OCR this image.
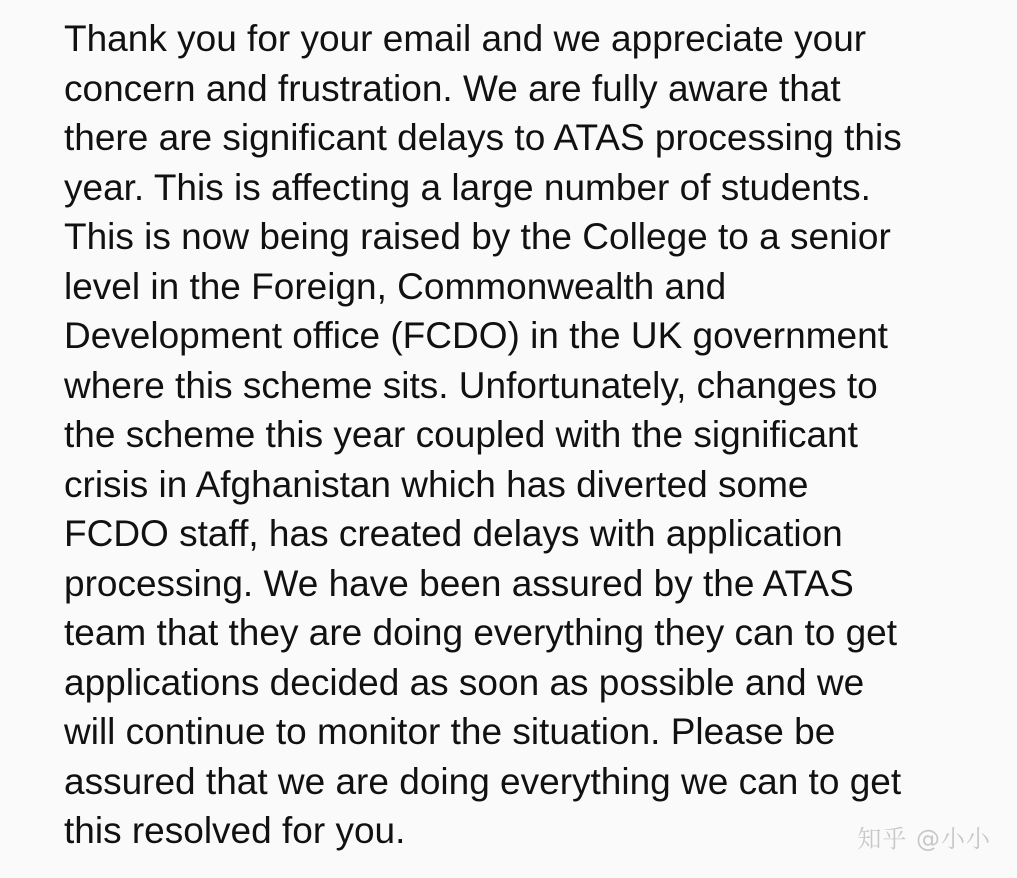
Thank you for your email and we appreciate your
concern and frustration. We are fully aware that
there are significant delays to ATAS processing this
year. This is affecting a large number of students.
This is now being raised by the College to a senior
level in the Foreign, Commonwealth and
Development office (FCDO) in the UK government
where this scheme sits. Unfortunately, changes to
the scheme this year coupled with the significant
crisis in Afghanistan which has diverted some
FCDO staff, has created delays with application
processing. We have been assured by the ATAS
team that they are doing everything they can to get
applications decided as soon as possible and we
will continue to monitor the situation. Please be
assured that we are doing everything we can to get
this resolved for you.	知乎 @小小
